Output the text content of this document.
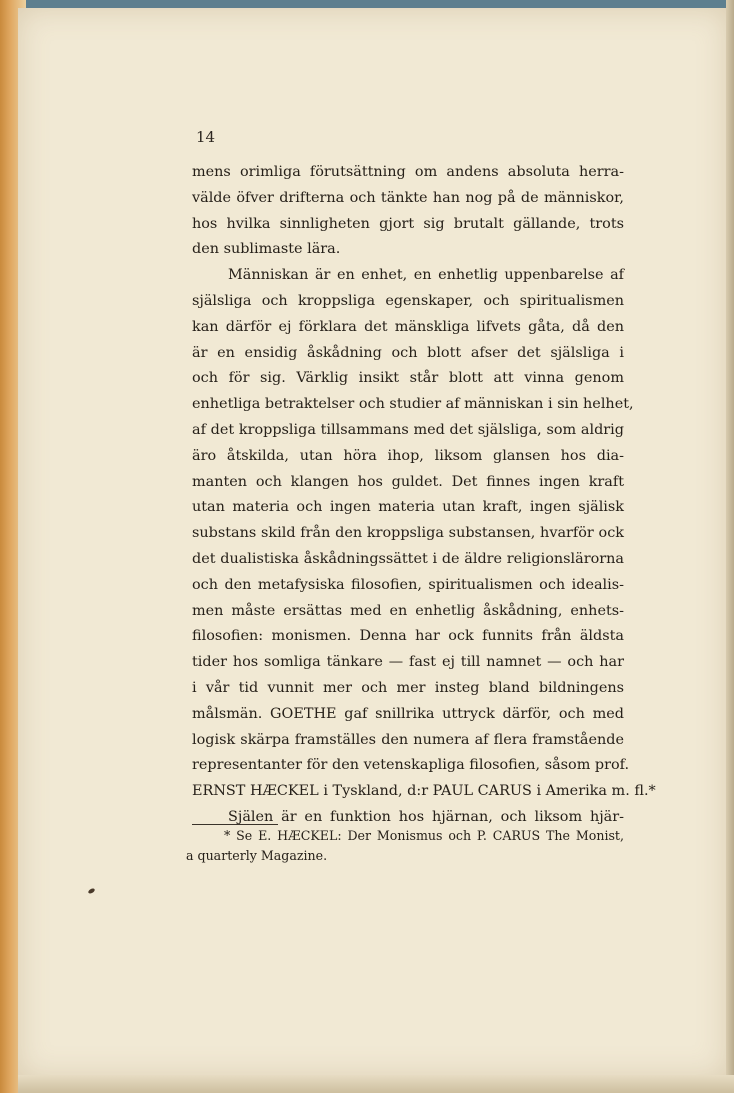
14

mens orimliga förutsättning om andens absoluta herra-
välde öfver drifterna och tänkte han nog på de människor,
hos hvilka sinnligheten gjort sig brutalt gällande, trots
den sublimaste lära.
Människan är en enhet, en enhetlig uppenbarelse af
själsliga och kroppsliga egenskaper, och spiritualismen
kan därför ej förklara det mänskliga lifvets gåta, då den
är en ensidig åskådning och blott afser det själsliga i
och för sig. Värklig insikt står blott att vinna genom
enhetliga betraktelser och studier af människan i sin helhet,
af det kroppsliga tillsammans med det själsliga, som aldrig
äro åtskilda, utan höra ihop, liksom glansen hos dia-
manten och klangen hos guldet. Det finnes ingen kraft
utan materia och ingen materia utan kraft, ingen själisk
substans skild från den kroppsliga substansen, hvarför ock
det dualistiska åskådningssättet i de äldre religionslärorna
och den metafysiska filosofien, spiritualismen och idealis-
men måste ersättas med en enhetlig åskådning, enhets-
filosofien: monismen. Denna har ock funnits från äldsta
tider hos somliga tänkare — fast ej till namnet — och har
i vår tid vunnit mer och mer insteg bland bildningens
målsmän. GOETHE gaf snillrika uttryck därför, och med
logisk skärpa framställes den numera af flera framstående
representanter för den vetenskapliga filosofien, såsom prof.
ERNST HÆCKEL i Tyskland, d:r PAUL CARUS i Amerika m. fl.*
Själen är en funktion hos hjärnan, och liksom hjär-
* Se E. HÆCKEL: Der Monismus och P. CARUS The Monist,
a quarterly Magazine.
